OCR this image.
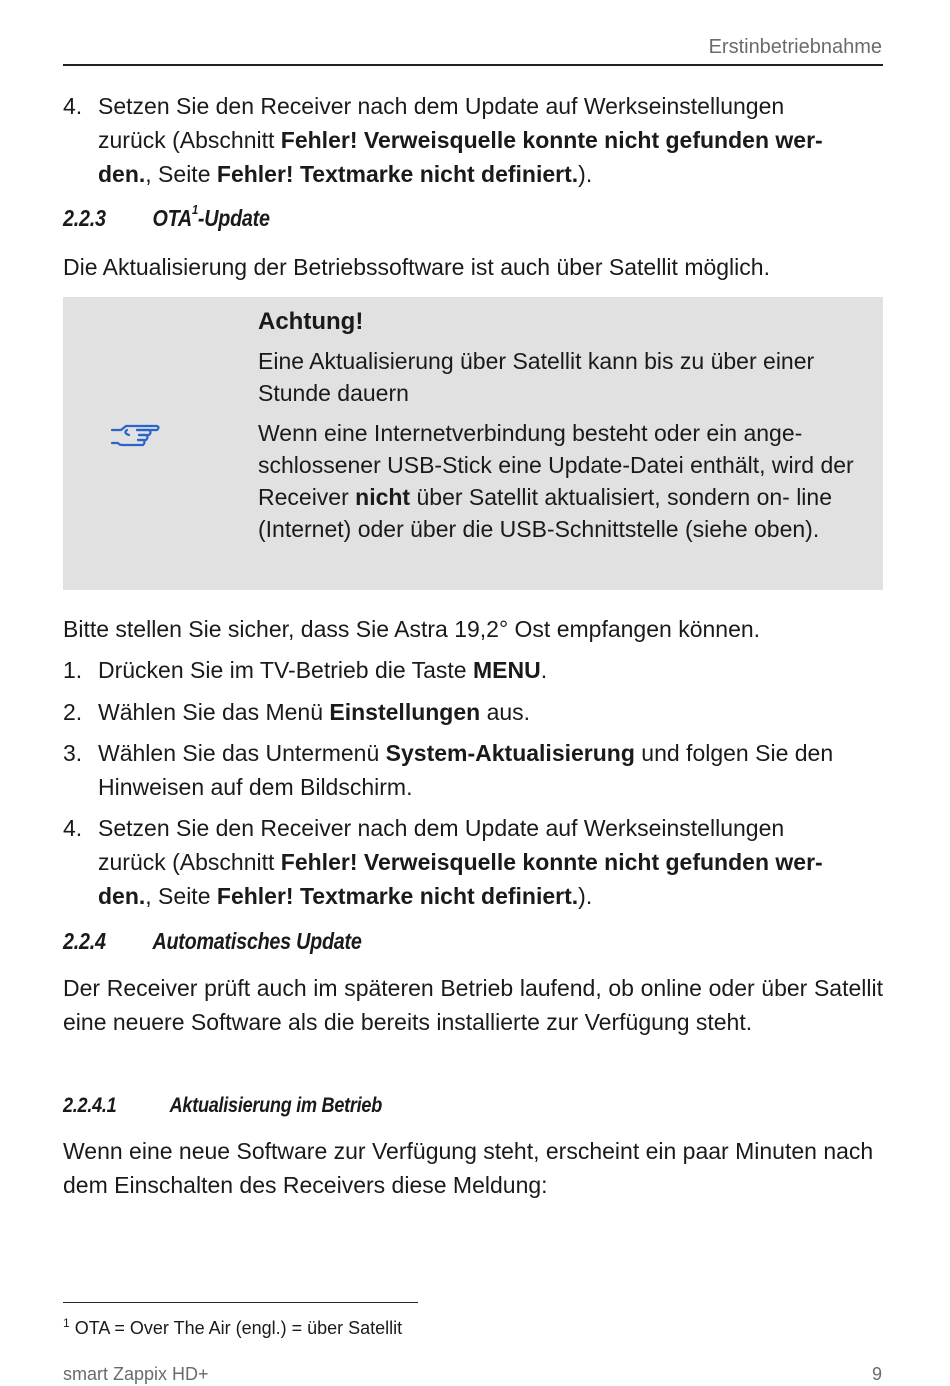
Erstinbetriebnahme
4. Setzen Sie den Receiver nach dem Update auf Werkseinstellungen
zurück (Abschnitt Fehler! Verweisquelle konnte nicht gefunden wer-
den., Seite Fehler! Textmarke nicht definiert.).
2.2.3 OTA$^1$-Update
Die Aktualisierung der Betriebssoftware ist auch über Satellit möglich.
Achtung!

Eine Aktualisierung über Satellit kann bis zu über einer Stunde dauern

Wenn eine Internetverbindung besteht oder ein ange- schlossener USB-Stick eine Update-Datei enthält, wird der Receiver nicht über Satellit aktualisiert, sondern on- line (Internet) oder über die USB-Schnittstelle (siehe oben).

Bitte stellen Sie sicher, dass Sie Astra 19,2° Ost empfangen können.
1. Drücken Sie im TV-Betrieb die Taste MENU.
2. Wählen Sie das Menü Einstellungen aus.
3. Wählen Sie das Untermenü System-Aktualisierung und folgen Sie den Hinweisen auf dem Bildschirm.
4. Setzen Sie den Receiver nach dem Update auf Werkseinstellungen
zurück (Abschnitt Fehler! Verweisquelle konnte nicht gefunden wer-
den., Seite Fehler! Textmarke nicht definiert.).
2.2.4 Automatisches Update
Der Receiver prüft auch im späteren Betrieb laufend, ob online oder über Satellit eine neuere Software als die bereits installierte zur Verfügung steht.
2.2.4.1	Aktualisierung im Betrieb
Wenn eine neue Software zur Verfügung steht, erscheint ein paar Minuten nach dem Einschalten des Receivers diese Meldung:
$^1$ OTA = Over The Air (engl.) = über Satellit
smart Zappix HD+	9
